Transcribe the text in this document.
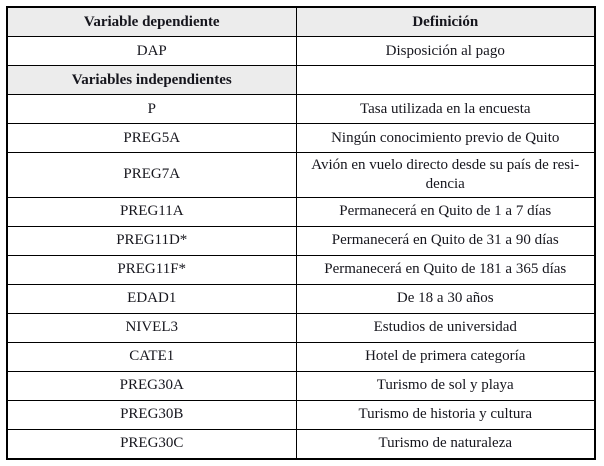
Variable dependiente	Definición
DAP	Disposición al pago
Variables independientes	
P	Tasa utilizada en la encuesta
PREG5A	Ningún conocimiento previo de Quito
PREG7A	Avión en vuelo directo desde su país de residencia
PREG11A	Permanecerá en Quito de 1 a 7 días
PREG11D*	Permanecerá en Quito de 31 a 90 días
PREG11F*	Permanecerá en Quito de 181 a 365 días
EDAD1	De 18 a 30 años
NIVEL3	Estudios de universidad
CATE1	Hotel de primera categoría
PREG30A	Turismo de sol y playa
PREG30B	Turismo de historia y cultura
PREG30C	Turismo de naturaleza
